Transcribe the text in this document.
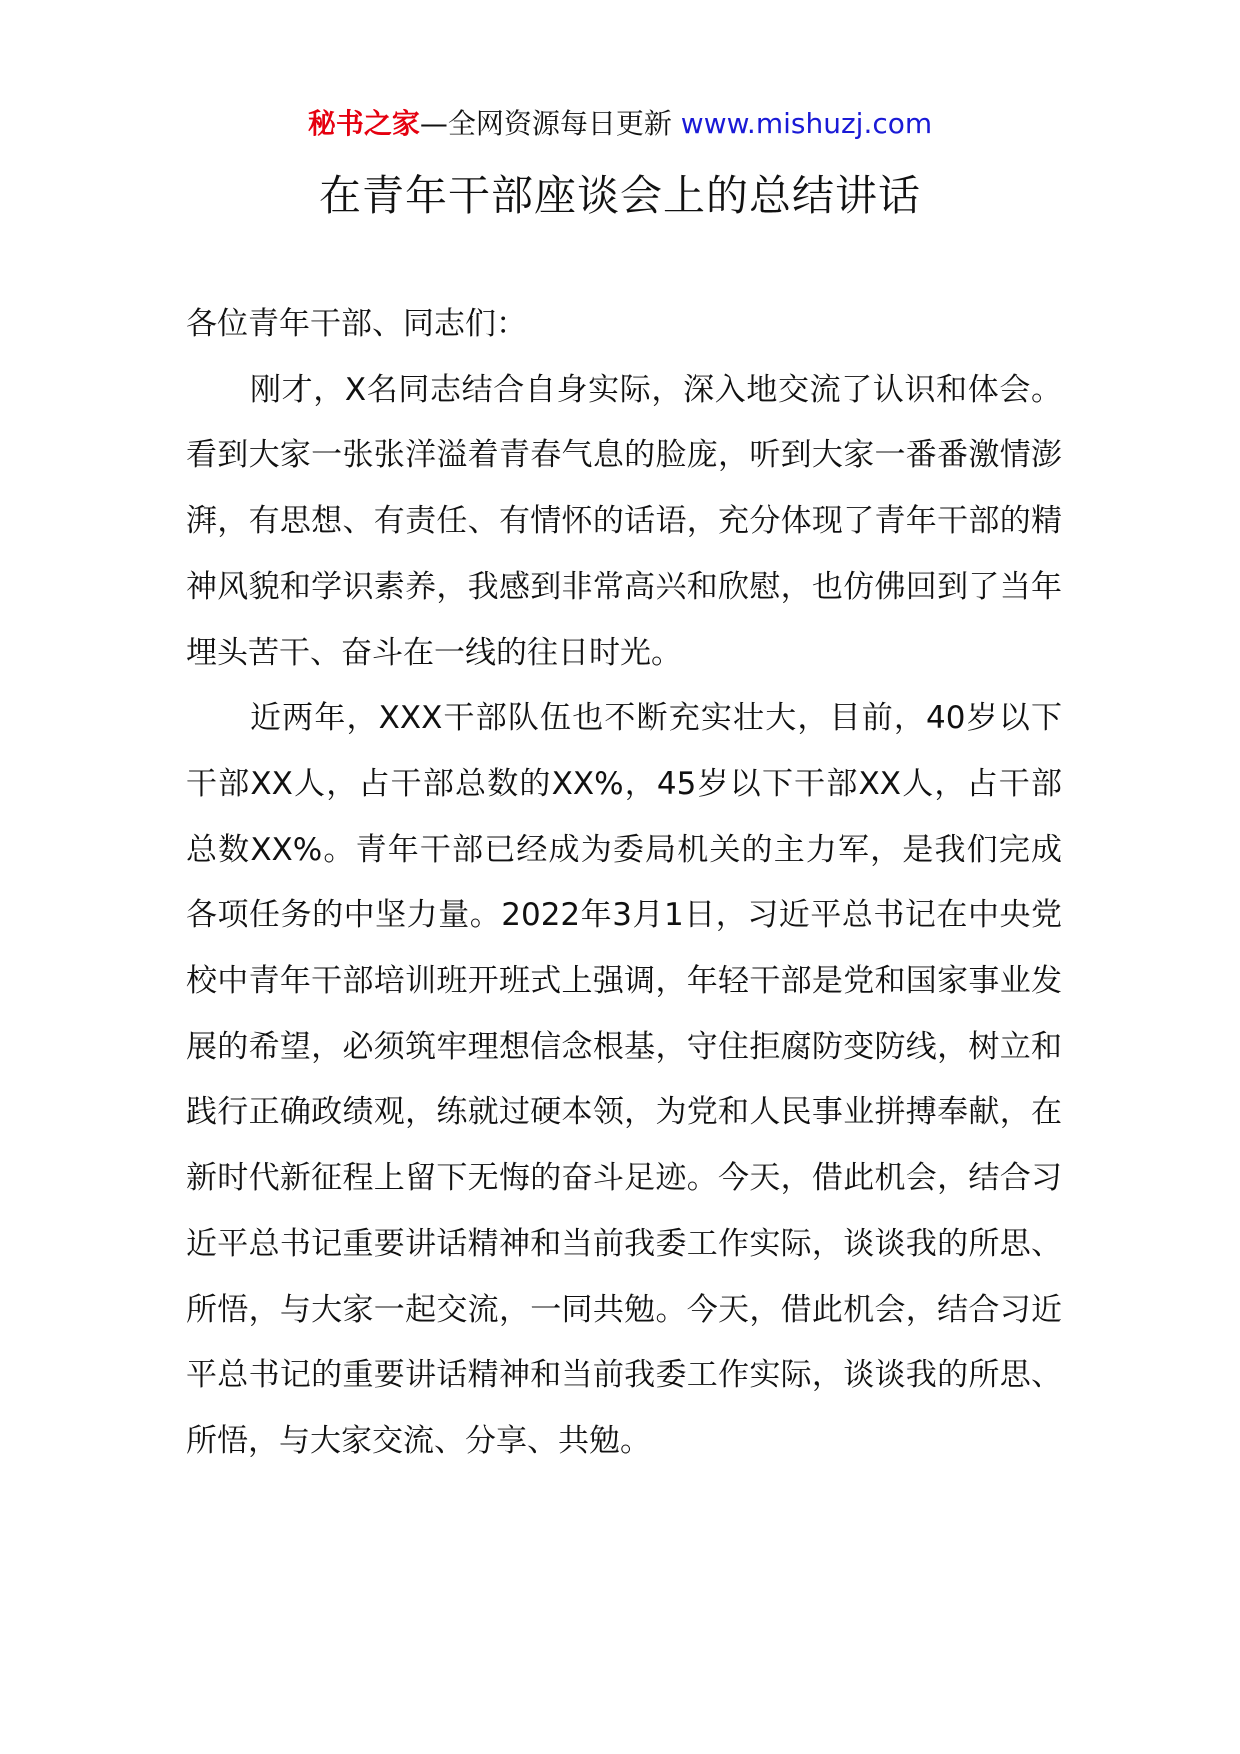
秘书之家—全网资源每日更新 www.mishuzj.com
在青年干部座谈会上的总结讲话

各位青年干部、同志们：

刚才，X名同志结合自身实际，深入地交流了认识和体会。看到大家一张张洋溢着青春气息的脸庞，听到大家一番番激情澎湃，有思想、有责任、有情怀的话语，充分体现了青年干部的精神风貌和学识素养，我感到非常高兴和欣慰，也仿佛回到了当年埋头苦干、奋斗在一线的往日时光。

近两年，XXX干部队伍也不断充实壮大，目前，40岁以下干部XX人，占干部总数的XX%，45岁以下干部XX人，占干部总数XX%。青年干部已经成为委局机关的主力军，是我们完成各项任务的中坚力量。2022年3月1日，习近平总书记在中央党校中青年干部培训班开班式上强调，年轻干部是党和国家事业发展的希望，必须筑牢理想信念根基，守住拒腐防变防线，树立和践行正确政绩观，练就过硬本领，为党和人民事业拼搏奉献，在新时代新征程上留下无悔的奋斗足迹。今天，借此机会，结合习近平总书记重要讲话精神和当前我委工作实际，谈谈我的所思、所悟，与大家一起交流，一同共勉。今天，借此机会，结合习近平总书记的重要讲话精神和当前我委工作实际，谈谈我的所思、所悟，与大家交流、分享、共勉。
